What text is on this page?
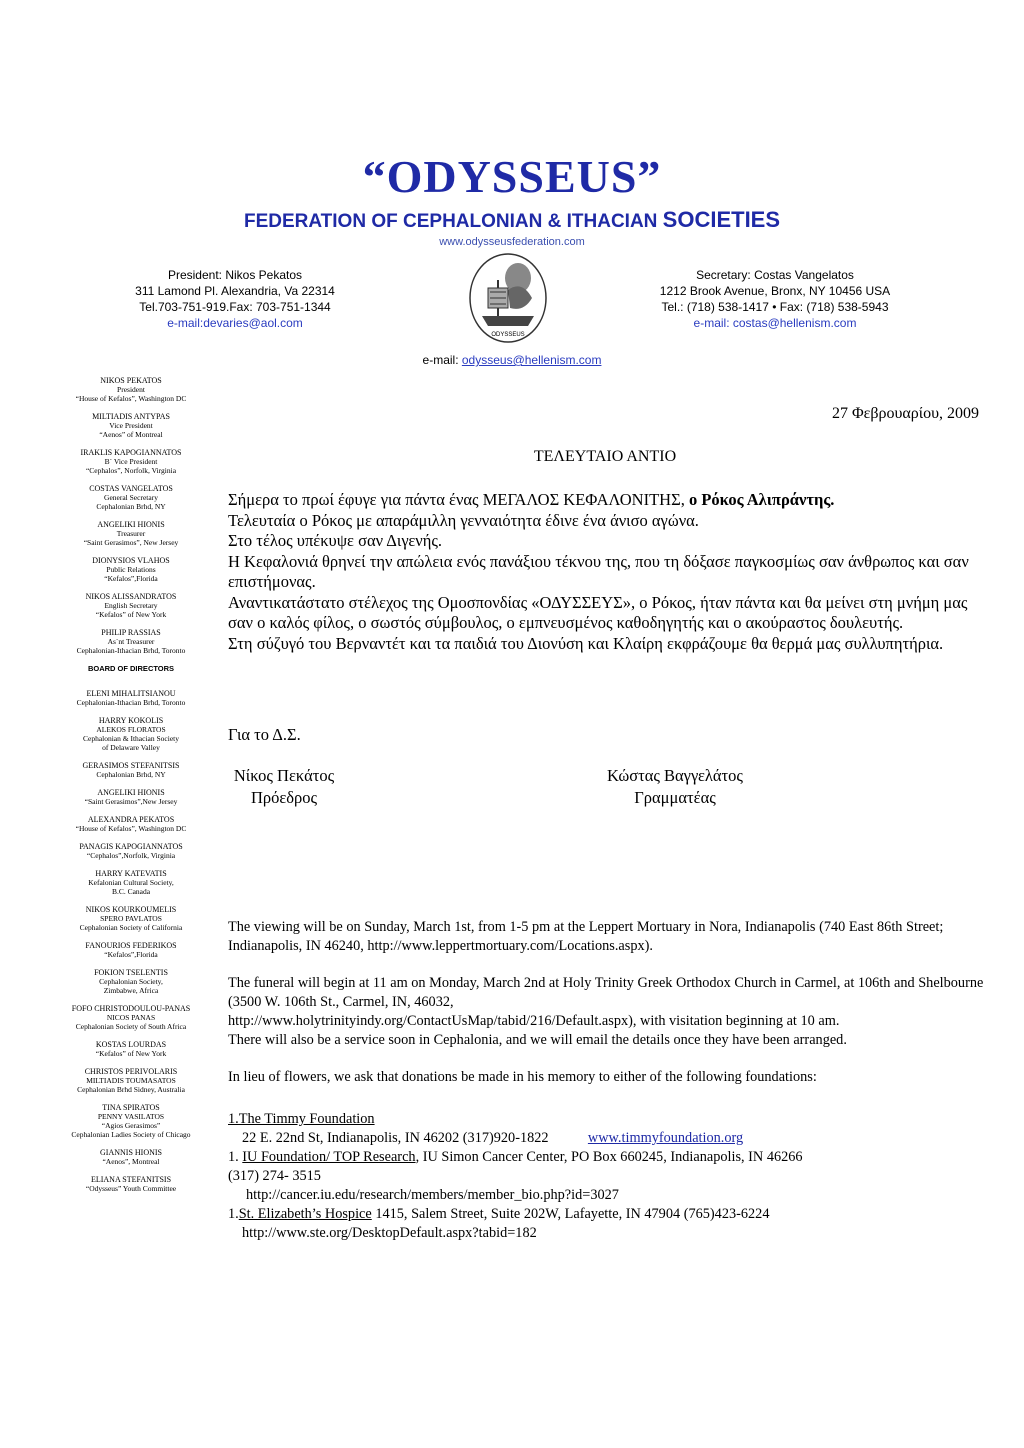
“ODYSSEUS”
FEDERATION OF CEPHALONIAN & ITHACIAN SOCIETIES
www.odysseusfederation.com
President: Nikos Pekatos
311 Lamond Pl. Alexandria, Va 22314
Tel.703-751-919.Fax: 703-751-1344
e-mail:devaries@aol.com
ODYSSEUS
Secretary: Costas Vangelatos
1212 Brook Avenue, Bronx, NY 10456 USA
Tel.: (718) 538-1417 • Fax: (718) 538-5943
e-mail: costas@hellenism.com
e-mail: odysseus@hellenism.com
NIKOS PEKATOS
President
“House of Kefalos”, Washington DC
MILTIADIS ANTYPAS
Vice President
“Aenos” of Montreal
IRAKLIS KAPOGIANNATOS
B` Vice President
“Cephalos”, Norfolk, Virginia
COSTAS VANGELATOS
General Secretary
Cephalonian Brhd, NY
ANGELIKI HIONIS
Treasurer
“Saint Gerasimos”, New Jersey
DIONYSIOS VLAHOS
Public Relations
“Kefalos”,Florida
NIKOS ALISSANDRATOS
English Secretary
“Kefalos” of New York
PHILIP RASSIAS
As`nt Treasurer
Cephalonian-Ithacian Brhd, Toronto
BOARD OF DIRECTORS
ELENI MIHALITSIANOU
Cephalonian-Ithacian Brhd, Toronto
HARRY KOKOLIS
ALEKOS FLORATOS
Cephalonian & Ithacian Society
of Delaware Valley
GERASIMOS STEFANITSIS
Cephalonian Brhd, NY
ANGELIKI HIONIS
“Saint Gerasimos”,New Jersey
ALEXANDRA PEKATOS
“House of Kefalos”, Washington DC
PANAGIS KAPOGIANNATOS
“Cephalos”,Norfolk, Virginia
HARRY KATEVATIS
Kefalonian Cultural Society,
B.C. Canada
NIKOS KOURKOUMELIS
SPERO PAVLATOS
Cephalonian Society of California
FANOURIOS FEDERIKOS
“Kefalos”,Florida
FOKION TSELENTIS
Cephalonian Society,
Zimbabwe, Africa
FOFO CHRISTODOULOU-PANAS
NICOS PANAS
Cephalonian Society of South Africa
KOSTAS LOURDAS
“Kefalos” of New York
CHRISTOS PERIVOLARIS
MILTIADIS TOUMASATOS
Cephalonian Brhd Sidney, Australia
TINA SPIRATOS
PENNY VASILATOS
“Agios Gerasimos”
Cephalonian Ladies Society of Chicago
GIANNIS HIONIS
“Aenos”, Montreal
ELIANA STEFANITSIS
“Odysseus” Youth Committee
27 Φεβρουαρίου, 2009
ΤΕΛΕΥΤΑΙΟ ΑΝΤΙΟ

Σήμερα το πρωί έφυγε για πάντα ένας ΜΕΓΑΛΟΣ ΚΕΦΑΛΟΝΙΤΗΣ, ο Ρόκος Αλιπράντης.

Τελευταία ο Ρόκος με απαράμιλλη γενναιότητα έδινε ένα άνισο αγώνα.

Στο τέλος υπέκυψε σαν Διγενής.

Η Κεφαλονιά θρηνεί την απώλεια ενός πανάξιου τέκνου της, που τη δόξασε παγκοσμίως σαν άνθρωπος και σαν επιστήμονας.

Αναντικατάστατο στέλεχος της Ομοσπονδίας «ΟΔΥΣΣΕΥΣ», ο Ρόκος, ήταν πάντα και θα μείνει στη μνήμη μας σαν ο καλός φίλος, ο σωστός σύμβουλος, ο εμπνευσμένος καθοδηγητής και ο ακούραστος δουλευτής.

Στη σύζυγό του Βερναντέτ και τα παιδιά του Διονύση και Κλαίρη εκφράζουμε θα θερμά μας συλλυπητήρια.

Για το Δ.Σ.
Νίκος Πεκάτος
Πρόεδρος
Κώστας Βαγγελάτος
Γραμματέας

The viewing will be on Sunday, March 1st, from 1-5 pm at the Leppert Mortuary in Nora, Indianapolis (740 East 86th Street; Indianapolis, IN 46240, http://www.leppertmortuary.com/Locations.aspx).

The funeral will begin at 11 am on Monday, March 2nd at Holy Trinity Greek Orthodox Church in Carmel, at 106th and Shelbourne (3500 W. 106th St., Carmel, IN, 46032,

http://www.holytrinityindy.org/ContactUsMap/tabid/216/Default.aspx), with visitation beginning at 10 am.

There will also be a service soon in Cephalonia, and we will email the details once they have been arranged.

In lieu of flowers, we ask that donations be made in his memory to either of the following foundations:

1.The Timmy Foundation
22 E. 22nd St, Indianapolis, IN 46202 (317)920-1822	www.timmyfoundation.org
1. IU Foundation/ TOP Research, IU Simon Cancer Center, PO Box 660245, Indianapolis, IN 46266
(317) 274- 3515
http://cancer.iu.edu/research/members/member_bio.php?id=3027
1.St. Elizabeth’s Hospice 1415, Salem Street, Suite 202W, Lafayette, IN 47904 (765)423-6224
http://www.ste.org/DesktopDefault.aspx?tabid=182
